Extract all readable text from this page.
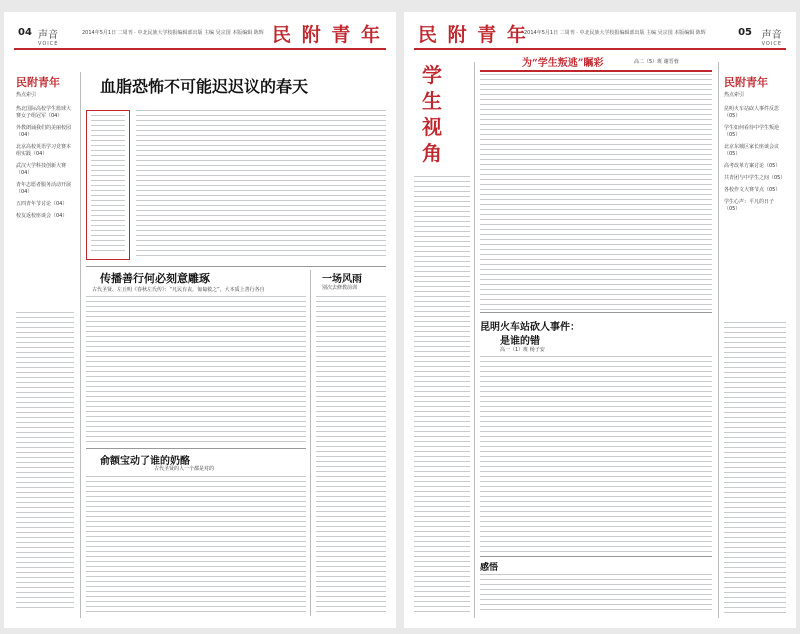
04 声音
VOICE
2014年5月1日 二周刊 · 中北民族大学校报编辑部出版 主编 吴宗国 本版编辑 陈辉 民 附 青 年
民附青年
热点索引
热北国际高校学生篮球大赛女子组冠军（04）
外教朗诵我们的美丽校园（04）
北京高校英语学习竞赛本组实践（04）
武汉大学科技创新大赛（04）
青年志愿者服务活动开展（04）
五四青年节讨论（04）
校友返校座谈会（04）
血脂恐怖不可能迟迟议的春天
传播善行何必刻意雕琢
古代圣贤、左丘明《春秋左氏传》：“凡民有丧，匍匐救之”，大本质上善行各自
一场风雨
别次去修教前训
俞额宝动了谁的奶酪
古代圣贤的人一个都是对的
民 附 青 年
2014年5月1日 二周刊 · 中北民族大学校报编辑部出版 主编 吴宗国 本版编辑 陈辉	05 声音
VOICE
学生视角
为“学生叛逃”瞩彩	高二（5）班 谢晋蓉
昆明火车站砍人事件：
是谁的错
高一（1）班 杨子安
感悟
民附青年
热点索引
昆明火车站砍人事件反思（05）
学生如何看待中学生叛逆（05）
北京东城区家长座谈会议（05）
高考改革方案讨论（05）
共青团与中学生之间（05）
各校作文大赛节点（05）
学生心声：平凡的日子（05）
